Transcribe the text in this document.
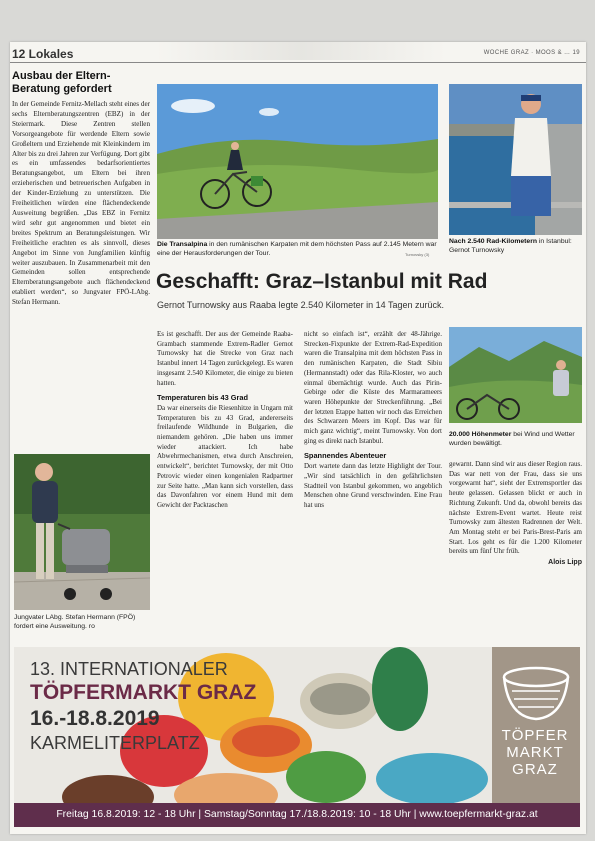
12 Lokales	WOCHE GRAZ · MOOS & … 19
Ausbau der Eltern-Beratung gefordert

In der Gemeinde Fernitz-Mellach steht eines der sechs Elternberatungszentren (EBZ) in der Steiermark. Diese Zentren stellen Vorsorgeangebote für werdende Eltern sowie Großeltern und Erziehende mit Kleinkindern im Alter bis zu drei Jahren zur Verfügung. Dort gibt es ein umfassendes bedarfsorientiertes Beratungsangebot, um Eltern bei ihren erzieherischen und betreuerischen Aufgaben in der Kinder-Erziehung zu unterstützen. Die Freiheitlichen würden eine flächendeckende Ausweitung begrüßen. „Das EBZ in Fernitz wird sehr gut angenommen und bietet ein breites Spektrum an Beratungsleistungen. Wir Freiheitliche erachten es als sinnvoll, dieses Angebot im Sinne von Jungfamilien künftig weiter auszubauen. In Zusammenarbeit mit den Gemeinden sollen entsprechende Elternberatungsangebote auch flächendeckend etabliert werden“, so Jungvater FPÖ-LAbg. Stefan Hermann.

Jungvater LAbg. Stefan Hermann (FPÖ) fordert eine Ausweitung. ro
Die Transalpina in den rumänischen Karpaten mit dem höchsten Pass auf 2.145 Metern war eine der Herausforderungen der Tour.	Turnovsky (3)
Nach 2.540 Rad-Kilometern in Istanbul: Gernot Turnowsky
Geschafft: Graz–Istanbul mit Rad
Gernot Turnowsky aus Raaba legte 2.540 Kilometer in 14 Tagen zurück.

Es ist geschafft. Der aus der Gemeinde Raaba-Grambach stammende Extrem-Radler Gernot Turnowsky hat die Strecke von Graz nach Istanbul innert 14 Tagen zurückgelegt. Es waren insgesamt 2.540 Kilometer, die einige zu bieten hatten.

Temperaturen bis 43 Grad

Da war einerseits die Riesenhitze in Ungarn mit Temperaturen bis zu 43 Grad, andererseits freilaufende Wildhunde in Bulgarien, die niemandem gehören. „Die haben uns immer wieder attackiert. Ich habe Abwehrmechanismen, etwa durch Anschreien, entwickelt“, berichtet Turnowsky, der mit Otto Petrovic wieder einen kongenialen Radpartner zur Seite hatte. „Man kann sich vorstellen, dass das Davonfahren vor einem Hund mit dem Gewicht der Packtaschen

nicht so einfach ist“, erzählt der 48-Jährige. Strecken-Fixpunkte der Extrem-Rad-Expedition waren die Transalpina mit dem höchsten Pass in den rumänischen Karpaten, die Stadt Sibiu (Hermannstadt) oder das Rila-Kloster, wo auch einmal übernächtigt wurde. Auch das Pirin-Gebirge oder die Küste des Marmarameers waren Höhepunkte der Streckenführung. „Bei der letzten Etappe hatten wir noch das Erreichen des Schwarzen Meers im Kopf. Das war für mich ganz wichtig“, meint Turnowsky. Von dort ging es direkt nach Istanbul.

Spannendes Abenteuer

Dort wartete dann das letzte Highlight der Tour. „Wir sind tatsächlich in den gefährlichsten Stadtteil von Istanbul gekommen, wo angeblich Menschen ohne Grund verschwinden. Eine Frau hat uns

20.000 Höhenmeter bei Wind und Wetter wurden bewältigt.

gewarnt. Dann sind wir aus dieser Region raus. Das war nett von der Frau, dass sie uns vorgewarnt hat“, sieht der Extremsportler das heute gelassen. Gelassen blickt er auch in Richtung Zukunft. Und da, obwohl bereits das nächste Extrem-Event wartet. Heute reist Turnowsky zum ältesten Radrennen der Welt. Am Montag steht er bei Paris-Brest-Paris am Start. Los geht es für die 1.200 Kilometer bereits um fünf Uhr früh.

Alois Lipp
13. INTERNATIONALER
TÖPFERMARKT GRAZ
16.-18.8.2019
KARMELITERPLATZ	TÖPFER MARKT GRAZ
Freitag 16.8.2019: 12 - 18 Uhr | Samstag/Sonntag 17./18.8.2019: 10 - 18 Uhr | www.toepfermarkt-graz.at
